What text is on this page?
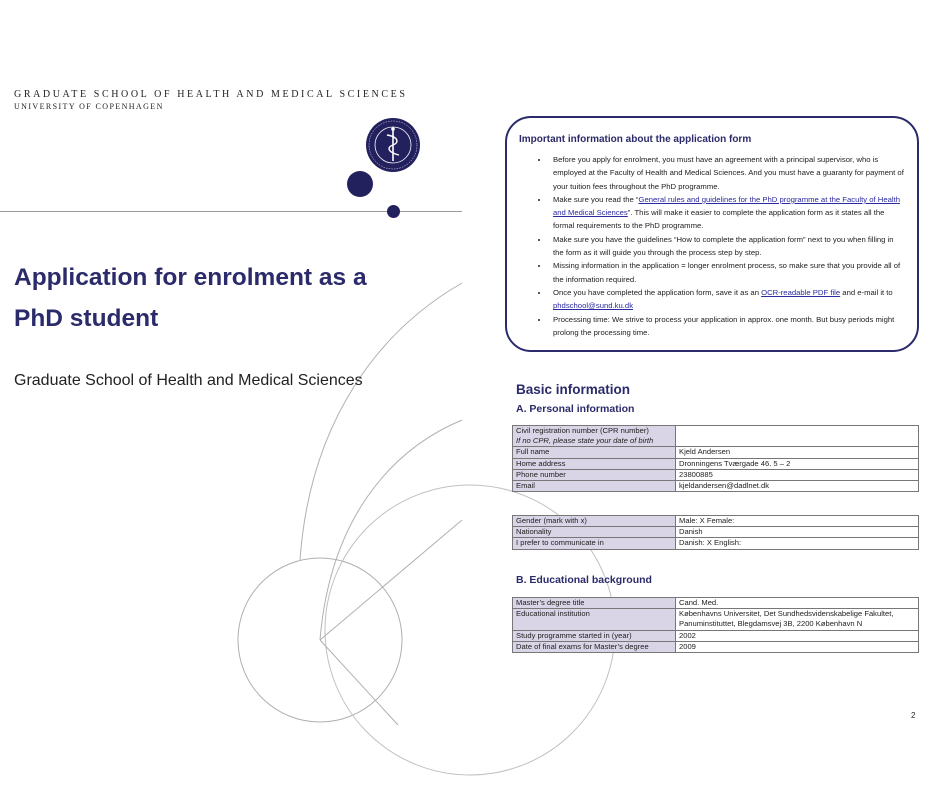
GRADUATE SCHOOL OF HEALTH AND MEDICAL SCIENCES
UNIVERSITY OF COPENHAGEN
Application for enrolment as a PhD student
Graduate School of Health and Medical Sciences
Important information about the application form
• Before you apply for enrolment, you must have an agreement with a principal supervisor, who is employed at the Faculty of Health and Medical Sciences. And you must have a guaranty for payment of your tuition fees throughout the PhD programme.
• Make sure you read the “General rules and guidelines for the PhD programme at the Faculty of Health and Medical Sciences”. This will make it easier to complete the application form as it states all the formal requirements to the PhD programme.
• Make sure you have the guidelines “How to complete the application form” next to you when filling in the form as it will guide you through the process step by step.
• Missing information in the application = longer enrolment process, so make sure that you provide all of the information required.
• Once you have completed the application form, save it as an OCR-readable PDF file and e-mail it to phdschool@sund.ku.dk
• Processing time: We strive to process your application in approx. one month. But busy periods might prolong the processing time.
Basic information
A. Personal information
Civil registration number (CPR number)
If no CPR, please state your date of birth	
Full name	Kjeld Andersen
Home address	Dronningens Tværgade 46. 5 – 2
Phone number	23800885
Email	kjeldandersen@dadlnet.dk
Gender (mark with x)	Male: X Female:
Nationality	Danish
I prefer to communicate in	Danish: X English:
B. Educational background
Master’s degree title	Cand. Med.
Educational institution	Københavns Universitet, Det Sundhedsvidenskabelige Fakultet, Panuminstituttet, Blegdamsvej 3B, 2200 København N
Study programme started in (year)	2002
Date of final exams for Master’s degree	2009
2
